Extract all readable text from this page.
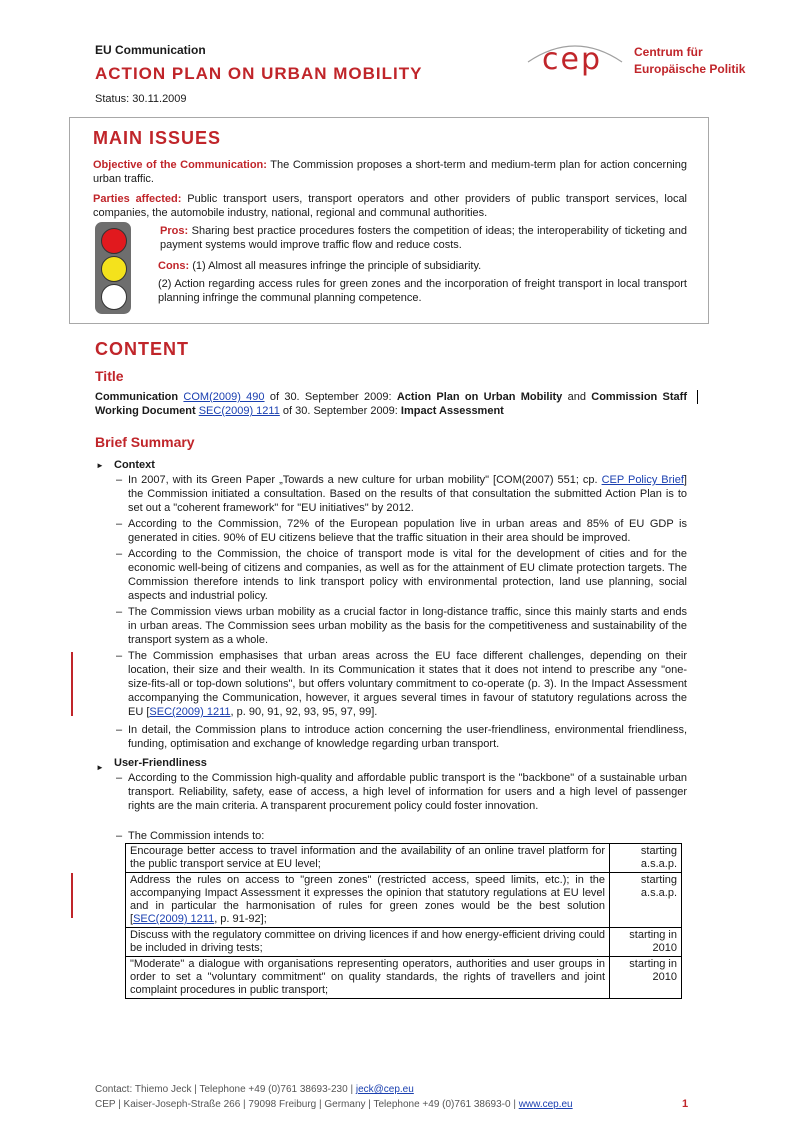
EU Communication
ACTION PLAN ON URBAN MOBILITY
Status: 30.11.2009
cep	Centrum für
Europäische Politik
MAIN ISSUES
Objective of the Communication: The Commission proposes a short-term and medium-term plan for action concerning urban traffic.
Parties affected: Public transport users, transport operators and other providers of public transport services, local companies, the automobile industry, national, regional and communal authorities.
Pros: Sharing best practice procedures fosters the competition of ideas; the interoperability of ticketing and payment systems would improve traffic flow and reduce costs.
Cons: (1) Almost all measures infringe the principle of subsidiarity.
(2) Action regarding access rules for green zones and the incorporation of freight transport in local transport planning infringe the communal planning competence.
CONTENT
Title
Communication COM(2009) 490 of 30. September 2009: Action Plan on Urban Mobility and Commission Staff Working Document SEC(2009) 1211 of 30. September 2009: Impact Assessment
Brief Summary
► Context
– In 2007, with its Green Paper „Towards a new culture for urban mobility" [COM(2007) 551; cp. CEP Policy Brief] the Commission initiated a consultation. Based on the results of that consultation the submitted Action Plan is to set out a "coherent framework" for "EU initiatives" by 2012.
– According to the Commission, 72% of the European population live in urban areas and 85% of EU GDP is generated in cities. 90% of EU citizens believe that the traffic situation in their area should be improved.
– According to the Commission, the choice of transport mode is vital for the development of cities and for the economic well-being of citizens and companies, as well as for the attainment of EU climate protection targets. The Commission therefore intends to link transport policy with environmental protection, land use planning, social aspects and industrial policy.
– The Commission views urban mobility as a crucial factor in long-distance traffic, since this mainly starts and ends in urban areas. The Commission sees urban mobility as the basis for the competitiveness and sustainability of the transport system as a whole.
– The Commission emphasises that urban areas across the EU face different challenges, depending on their location, their size and their wealth. In its Communication it states that it does not intend to prescribe any "one-size-fits-all or top-down solutions", but offers voluntary commitment to co-operate (p. 3). In the Impact Assessment accompanying the Communication, however, it argues several times in favour of statutory regulations across the EU [SEC(2009) 1211, p. 90, 91, 92, 93, 95, 97, 99].
– In detail, the Commission plans to introduce action concerning the user-friendliness, environmental friendliness, funding, optimisation and exchange of knowledge regarding urban transport.
► User-Friendliness
– According to the Commission high-quality and affordable public transport is the "backbone" of a sustainable urban transport. Reliability, safety, ease of access, a high level of information for users and a high level of passenger rights are the main criteria. A transparent procurement policy could foster innovation.
– The Commission intends to:
Encourage better access to travel information and the availability of an online travel platform for the public transport service at EU level;	starting a.s.a.p.
Address the rules on access to "green zones" (restricted access, speed limits, etc.); in the accompanying Impact Assessment it expresses the opinion that statutory regulations at EU level and in particular the harmonisation of rules for green zones would be the best solution [SEC(2009) 1211, p. 91-92];	starting a.s.a.p.
Discuss with the regulatory committee on driving licences if and how energy-efficient driving could be included in driving tests;	starting in 2010
"Moderate" a dialogue with organisations representing operators, authorities and user groups in order to set a "voluntary commitment" on quality standards, the rights of travellers and joint complaint procedures in public transport;	starting in 2010
Contact: Thiemo Jeck | Telephone +49 (0)761 38693-230 | jeck@cep.eu
CEP | Kaiser-Joseph-Straße 266 | 79098 Freiburg | Germany | Telephone +49 (0)761 38693-0 | www.cep.eu	1
